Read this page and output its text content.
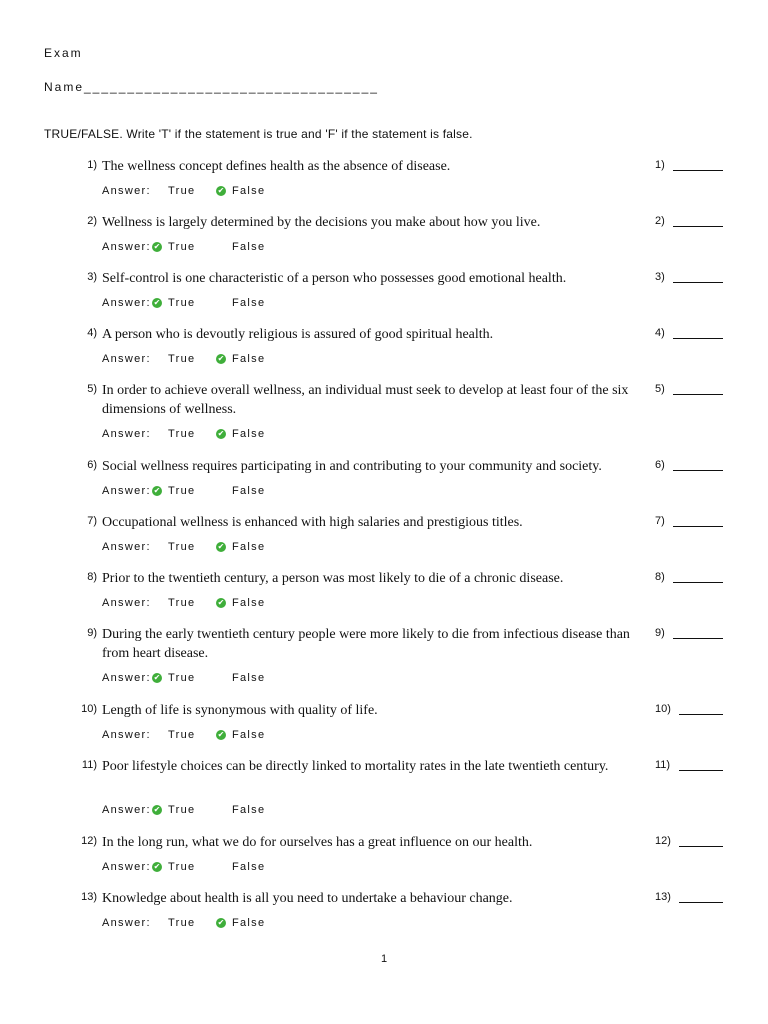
Exam
Name__________________________________
TRUE/FALSE. Write 'T' if the statement is true and 'F' if the statement is false.
1) The wellness concept defines health as the absence of disease.	1)
Answer: True	False
✔
2) Wellness is largely determined by the decisions you make about how you live.	2)
Answer: True
✔	False
3) Self-control is one characteristic of a person who possesses good emotional health.	3)
Answer: True
✔	False
4) A person who is devoutly religious is assured of good spiritual health.	4)
Answer: True	False
✔
5) In order to achieve overall wellness, an individual must seek to develop at least four of the six dimensions of wellness.
5)
Answer: True	False
✔
6) Social wellness requires participating in and contributing to your community and society.	6)
Answer: True
✔	False
7) Occupational wellness is enhanced with high salaries and prestigious titles.	7)
Answer: True	False
✔
8) Prior to the twentieth century, a person was most likely to die of a chronic disease.	8)
Answer: True	False
✔
9) During the early twentieth century people were more likely to die from infectious disease than from heart disease.
9)
Answer: True
✔	False
10) Length of life is synonymous with quality of life.	10)
Answer: True	False
✔
11) Poor lifestyle choices can be directly linked to mortality rates in the late twentieth century.	11)
Answer: True
✔	False
12) In the long run, what we do for ourselves has a great influence on our health.	12)
Answer: True
✔	False
13) Knowledge about health is all you need to undertake a behaviour change.	13)
Answer: True	False
✔
1
